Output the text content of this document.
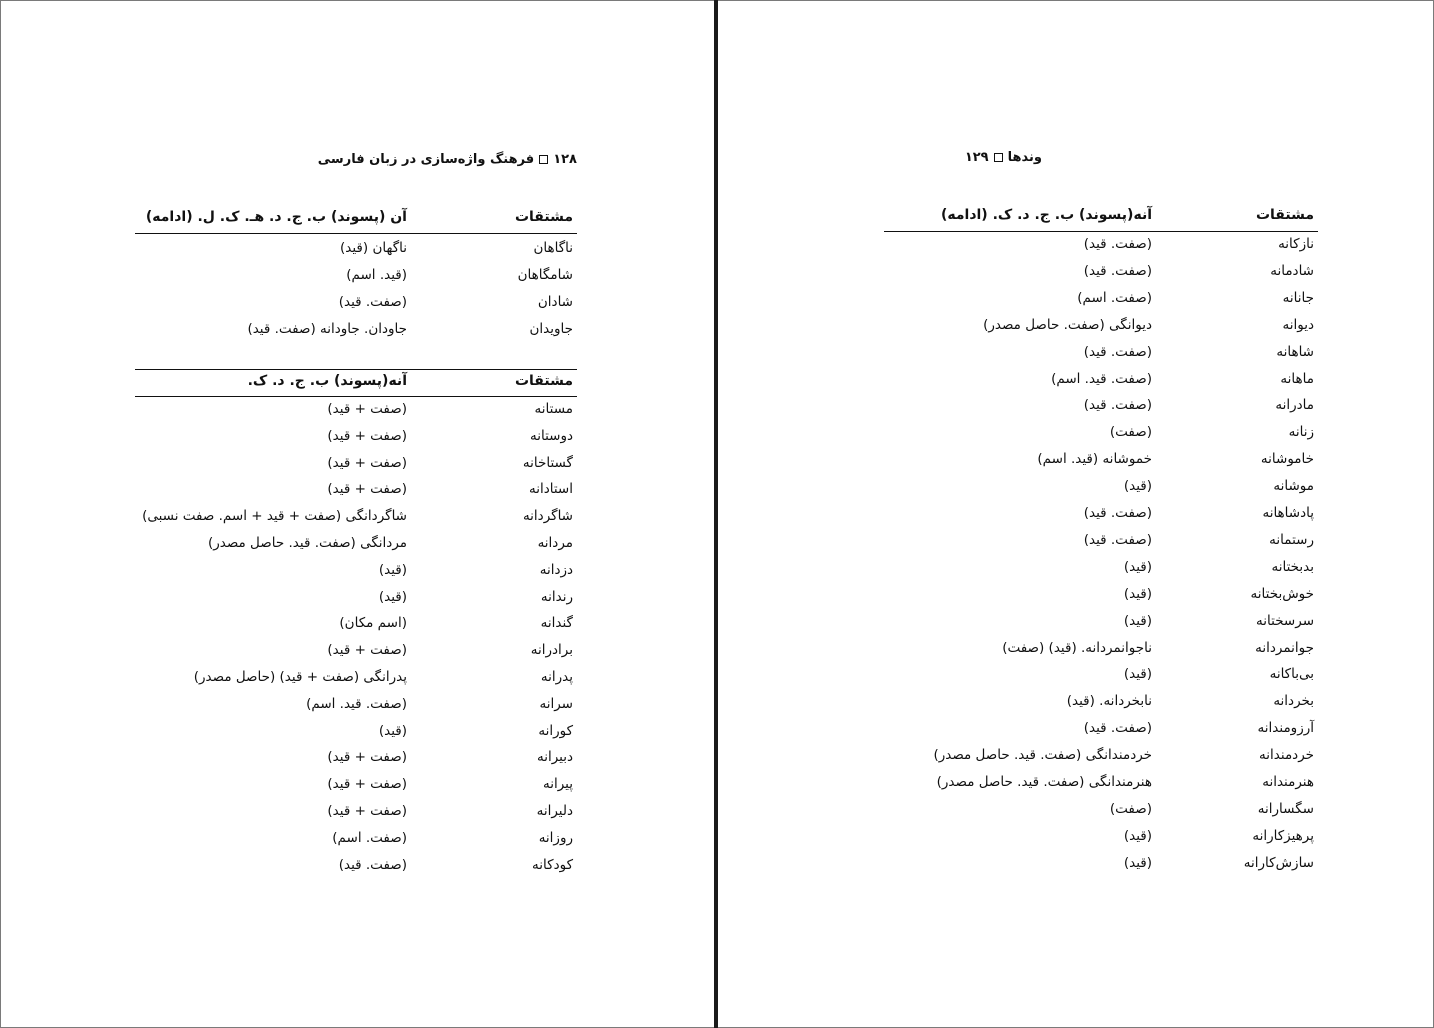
۱۲۸فرهنگ واژه‌سازی در زبان فارسی
مشتقات
آن (پسوند) ب. ج. د. هـ. ک. ل. (ادامه)
ناگاهان
ناگهان (قید)
شامگاهان
(قید. اسم)
شادان
(صفت. قید)
جاویدان
جاودان. جاودانه (صفت. قید)
مشتقات
آنه(پسوند) ب. ج. د. ک.
مستانه
(صفت + قید)
دوستانه
(صفت + قید)
گستاخانه
(صفت + قید)
استادانه
(صفت + قید)
شاگردانه
شاگردانگی (صفت + قید + اسم. صفت نسبی)
مردانه
مردانگی (صفت. قید. حاصل مصدر)
دزدانه
(قید)
رندانه
(قید)
گندانه
(اسم مکان)
برادرانه
(صفت + قید)
پدرانه
پدرانگی (صفت + قید) (حاصل مصدر)
سرانه
(صفت. قید. اسم)
کورانه
(قید)
دبیرانه
(صفت + قید)
پیرانه
(صفت + قید)
دلیرانه
(صفت + قید)
روزانه
(صفت. اسم)
کودکانه
(صفت. قید)
وندها۱۲۹
مشتقات
آنه(پسوند) ب. ج. د. ک. (ادامه)
نازکانه
(صفت. قید)
شادمانه
(صفت. قید)
جانانه
(صفت. اسم)
دیوانه
دیوانگی (صفت. حاصل مصدر)
شاهانه
(صفت. قید)
ماهانه
(صفت. قید. اسم)
مادرانه
(صفت. قید)
زنانه
(صفت)
خاموشانه
خموشانه (قید. اسم)
موشانه
(قید)
پادشاهانه
(صفت. قید)
رستمانه
(صفت. قید)
بدبختانه
(قید)
خوش‌بختانه
(قید)
سرسختانه
(قید)
جوانمردانه
ناجوانمردانه. (قید) (صفت)
بی‌باکانه
(قید)
بخردانه
نابخردانه. (قید)
آرزومندانه
(صفت. قید)
خردمندانه
خردمندانگی (صفت. قید. حاصل مصدر)
هنرمندانه
هنرمندانگی (صفت. قید. حاصل مصدر)
سگسارانه
(صفت)
پرهیزکارانه
(قید)
سازش‌کارانه
(قید)
